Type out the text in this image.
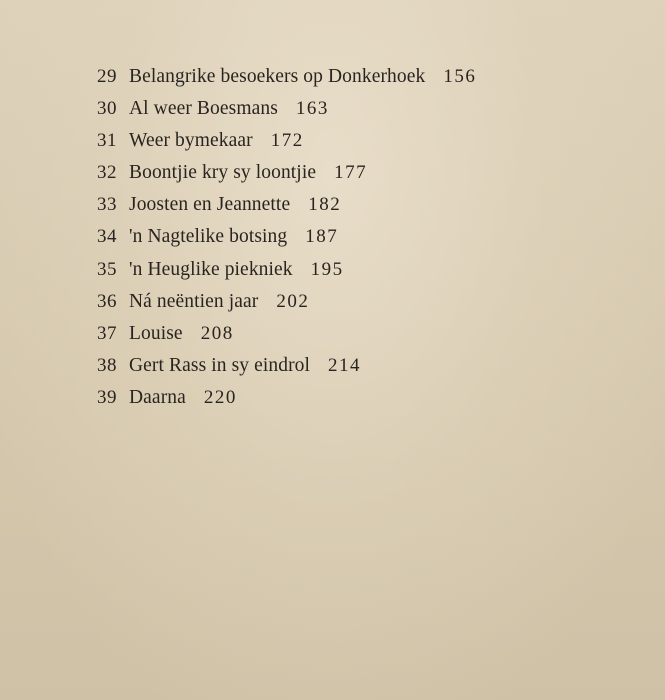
29 Belangrike besoekers op Donkerhoek 156
30 Al weer Boesmans 163
31 Weer bymekaar 172
32 Boontjie kry sy loontjie 177
33 Joosten en Jeannette 182
34 'n Nagtelike botsing 187
35 'n Heuglike piekniek 195
36 Ná neëntien jaar 202
37 Louise 208
38 Gert Rass in sy eindrol 214
39 Daarna 220
